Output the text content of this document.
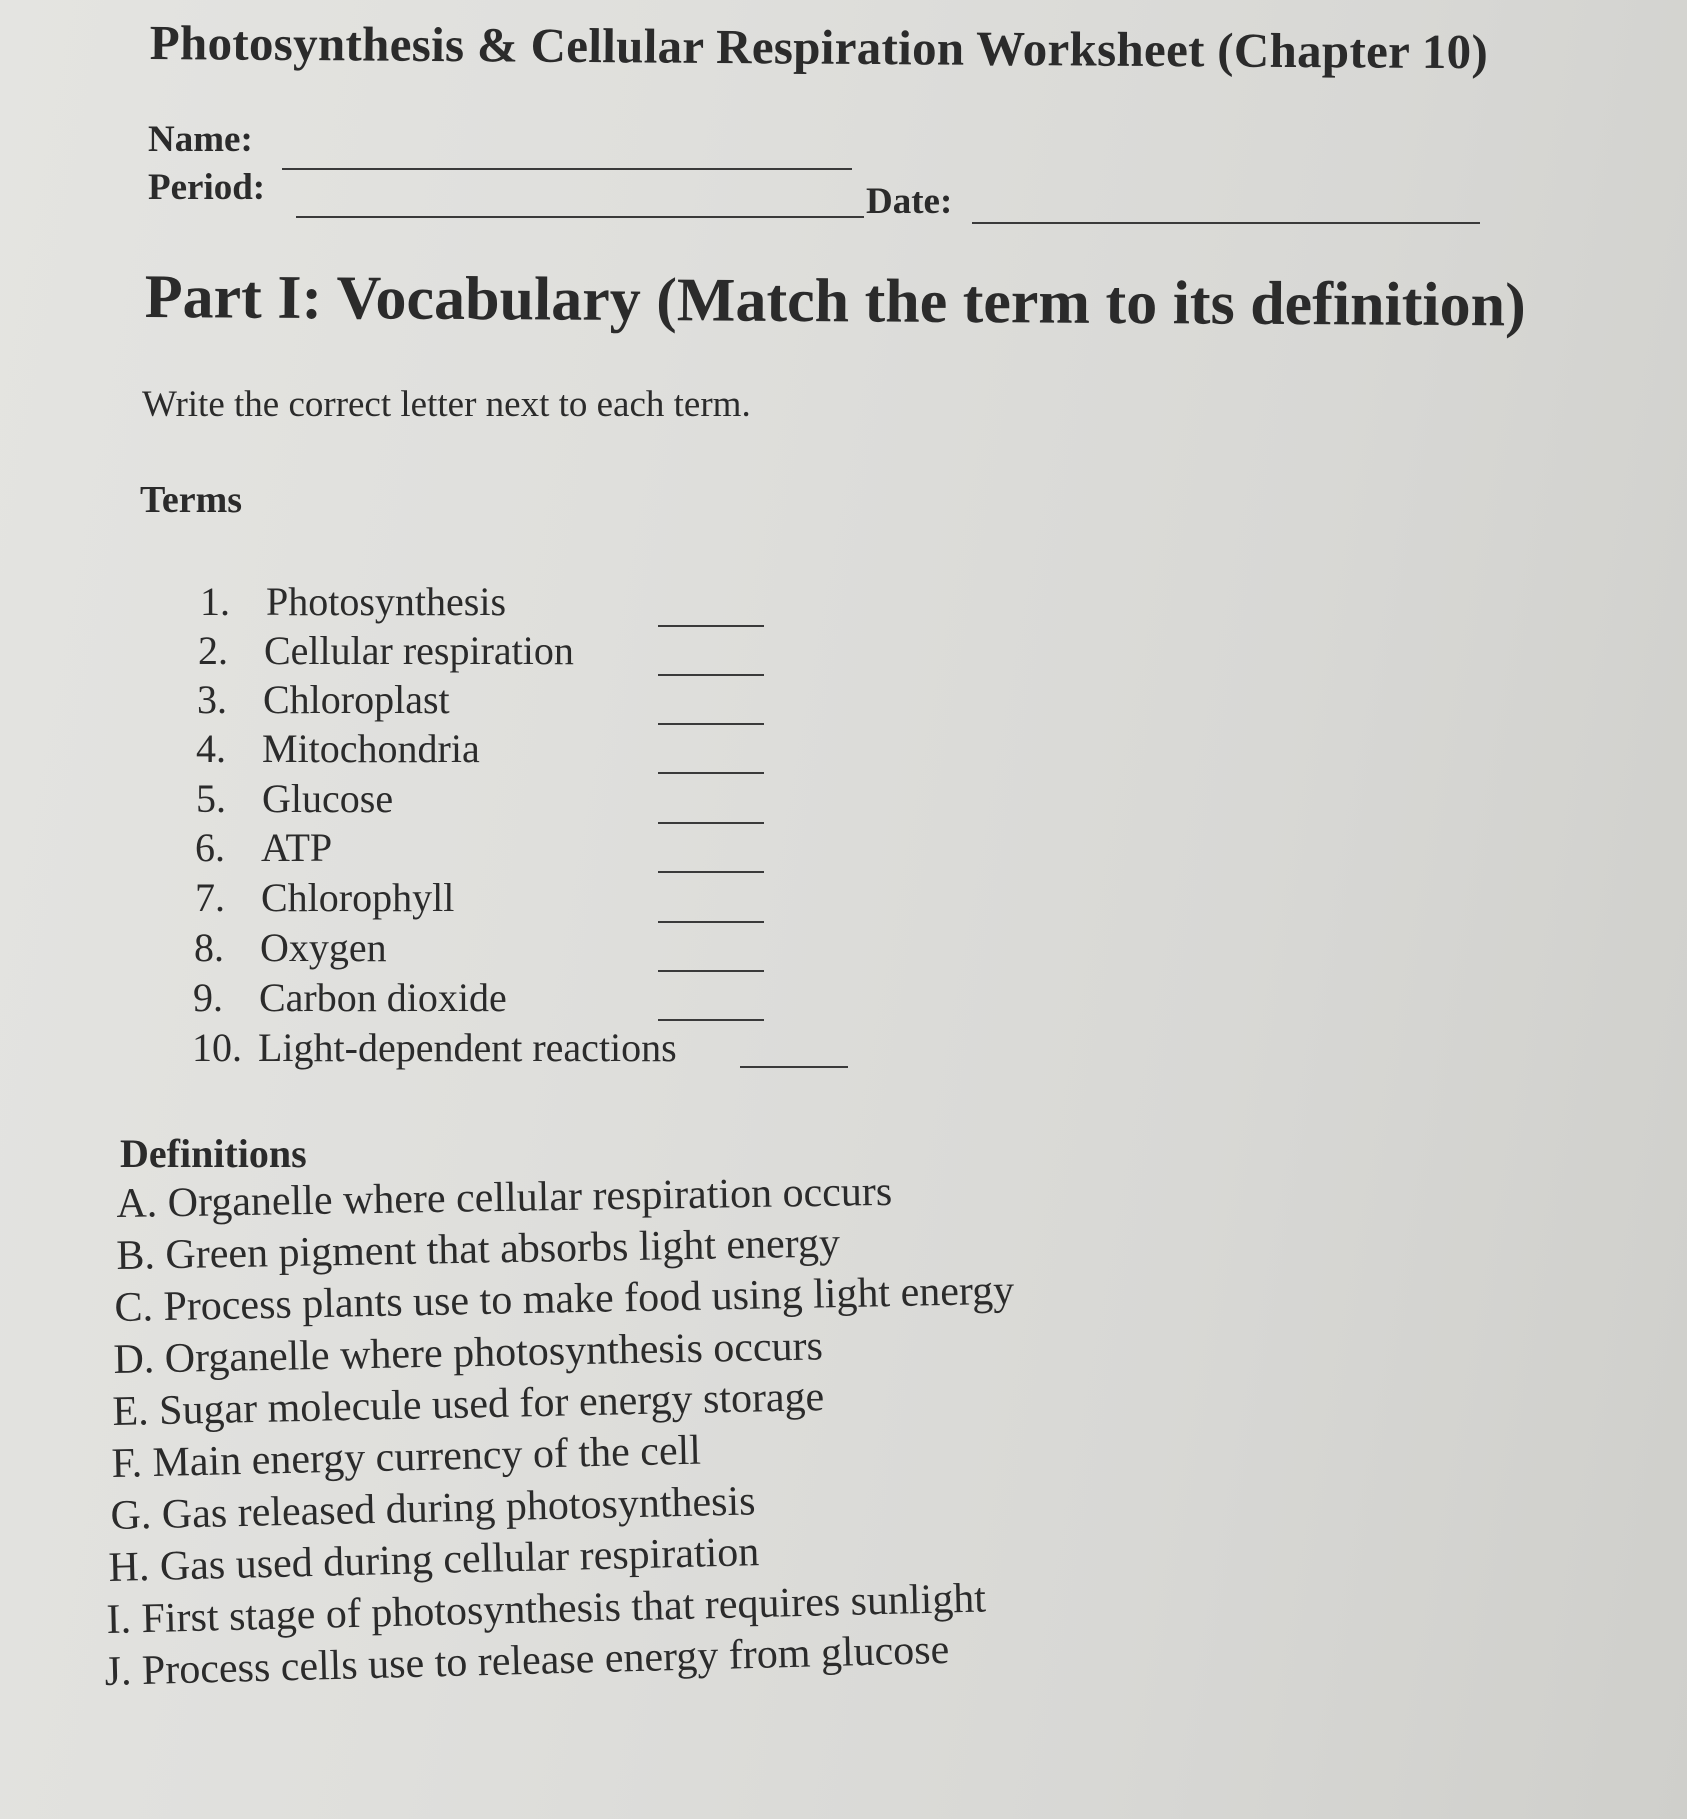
Photosynthesis & Cellular Respiration Worksheet (Chapter 10)
Name:
Period:	Date:
Part I: Vocabulary (Match the term to its definition)
Write the correct letter next to each term.
Terms
1. Photosynthesis
2. Cellular respiration
3. Chloroplast
4. Mitochondria
5. Glucose
6. ATP
7. Chlorophyll
8. Oxygen
9. Carbon dioxide
10. Light-dependent reactions
Definitions
A. Organelle where cellular respiration occurs
B. Green pigment that absorbs light energy
C. Process plants use to make food using light energy
D. Organelle where photosynthesis occurs
E. Sugar molecule used for energy storage
F. Main energy currency of the cell
G. Gas released during photosynthesis
H. Gas used during cellular respiration
I. First stage of photosynthesis that requires sunlight
J. Process cells use to release energy from glucose
